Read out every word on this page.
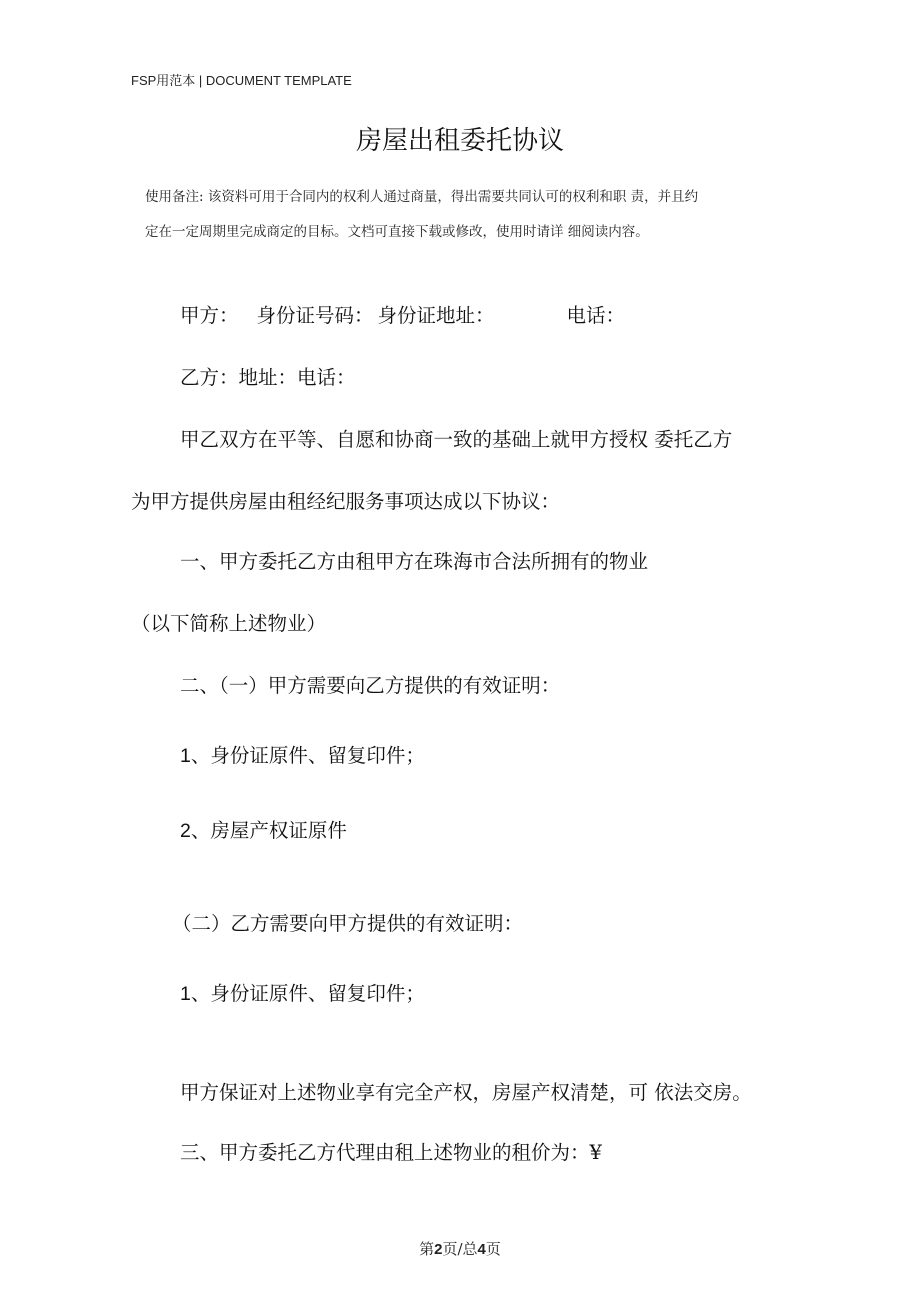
FSP用范本 | DOCUMENT TEMPLATE
房屋出租委托协议
使用备注: 该资料可用于合同内的权利人通过商量，得出需要共同认可的权利和职 责，并且约
定在一定周期里完成商定的目标。文档可直接下载或修改，使用时请详 细阅读内容。
甲方： 身份证号码： 身份证地址：	电话：
乙方：地址：电话：
甲乙双方在平等、自愿和协商一致的基础上就甲方授权 委托乙方
为甲方提供房屋由租经纪服务事项达成以下协议：
一、甲方委托乙方由租甲方在珠海市合法所拥有的物业
（以下简称上述物业）
二、（一）甲方需要向乙方提供的有效证明：
1、身份证原件、留复印件；
2、房屋产权证原件
（二）乙方需要向甲方提供的有效证明：
1、身份证原件、留复印件；
甲方保证对上述物业享有完全产权，房屋产权清楚，可 依法交房。
三、甲方委托乙方代理由租上述物业的租价为：¥
第2页/总4页
